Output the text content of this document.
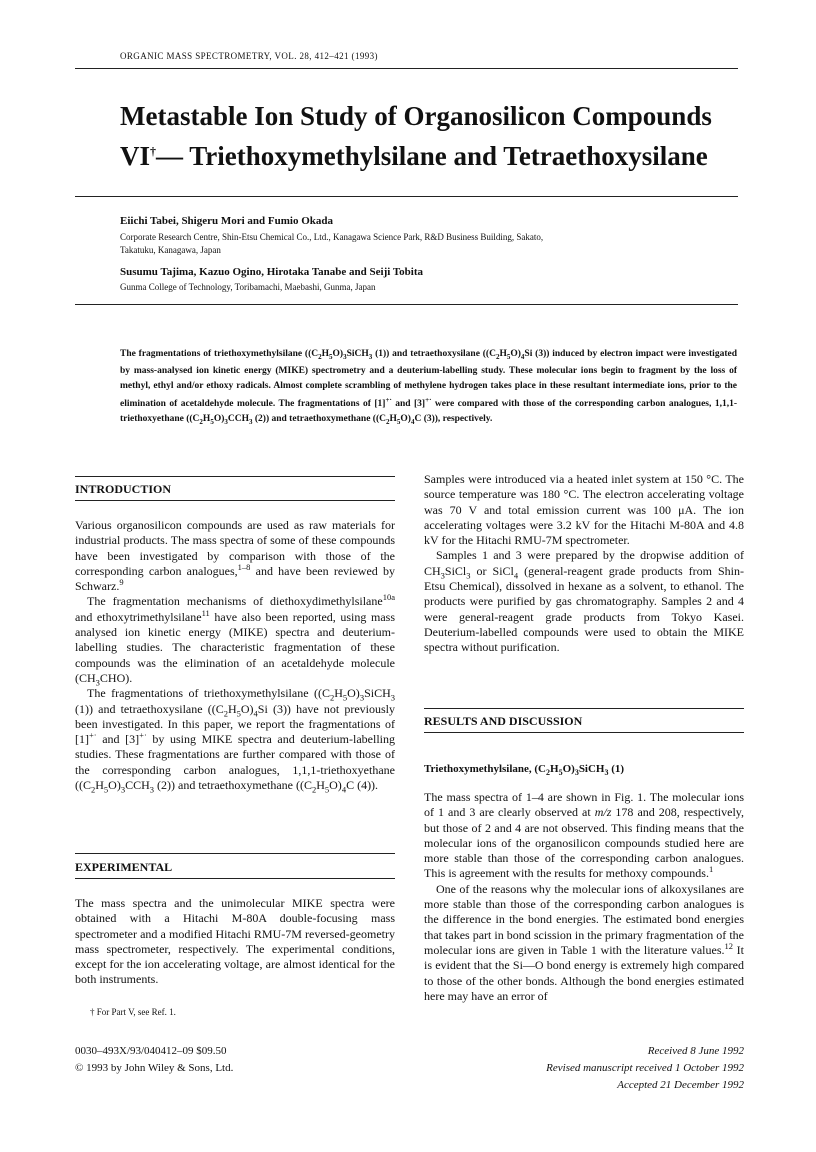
ORGANIC MASS SPECTROMETRY, VOL. 28, 412–421 (1993)
Metastable Ion Study of Organosilicon Compounds
VI†— Triethoxymethylsilane and Tetraethoxysilane
Eiichi Tabei, Shigeru Mori and Fumio Okada
Corporate Research Centre, Shin-Etsu Chemical Co., Ltd., Kanagawa Science Park, R&D Business Building, Sakato,
Takatuku, Kanagawa, Japan
Susumu Tajima, Kazuo Ogino, Hirotaka Tanabe and Seiji Tobita
Gunma College of Technology, Toribamachi, Maebashi, Gunma, Japan
The fragmentations of triethoxymethylsilane ($(C_2H_5O)_3SiCH_3$ (1)) and tetraethoxysilane ($(C_2H_5O)_4Si$ (3)) induced by electron impact were investigated by mass-analysed ion kinetic energy (MIKE) spectrometry and a deuterium-labelling study. These molecular ions begin to fragment by the loss of methyl, ethyl and/or ethoxy radicals. Almost complete scrambling of methylene hydrogen takes place in these resultant intermediate ions, prior to the elimination of acetaldehyde molecule. The fragmentations of [1]+· and [3]+· were compared with those of the corresponding carbon analogues, 1,1,1-triethoxyethane ($(C_2H_5O)_3CCH_3$ (2)) and tetraethoxymethane ($(C_2H_5O)_4C$ (3)), respectively.
INTRODUCTION

Various organosilicon compounds are used as raw materials for industrial products. The mass spectra of some of these compounds have been investigated by comparison with those of the corresponding carbon analogues,$^{1-8}$ and have been reviewed by Schwarz.$^9$

The fragmentation mechanisms of diethoxydimethylsilane$^{10a}$ and ethoxytrimethylsilane$^{11}$ have also been reported, using mass analysed ion kinetic energy (MIKE) spectra and deuterium-labelling studies. The characteristic fragmentation of these compounds was the elimination of an acetaldehyde molecule $(CH_3CHO)$.

The fragmentations of triethoxymethylsilane ($(C_2H_5O)_3SiCH_3$ (1)) and tetraethoxysilane ($(C_2H_5O)_4Si$ (3)) have not previously been investigated. In this paper, we report the fragmentations of [1]+· and [3]+· by using MIKE spectra and deuterium-labelling studies. These fragmentations are further compared with those of the corresponding carbon analogues, 1,1,1-triethoxyethane ($(C_2H_5O)_3CCH_3$ (2)) and tetraethoxymethane ($(C_2H_5O)_4C$ (4)).

EXPERIMENTAL

The mass spectra and the unimolecular MIKE spectra were obtained with a Hitachi M-80A double-focusing mass spectrometer and a modified Hitachi RMU-7M reversed-geometry mass spectrometer, respectively. The experimental conditions, except for the ion accelerating voltage, are almost identical for the both instruments.

Samples were introduced via a heated inlet system at 150 °C. The source temperature was 180 °C. The electron accelerating voltage was 70 V and total emission current was 100 μA. The ion accelerating voltages were 3.2 kV for the Hitachi M-80A and 4.8 kV for the Hitachi RMU-7M spectrometer.

Samples 1 and 3 were prepared by the dropwise addition of $CH_3SiCl_3$ or SiCl$_4$ (general-reagent grade products from Shin-Etsu Chemical), dissolved in hexane as a solvent, to ethanol. The products were purified by gas chromatography. Samples 2 and 4 were general-reagent grade products from Tokyo Kasei. Deuterium-labelled compounds were used to obtain the MIKE spectra without purification.

RESULTS AND DISCUSSION
Triethoxymethylsilane, $(C_2H_5O)_3SiCH_3$ (1)

The mass spectra of 1–4 are shown in Fig. 1. The molecular ions of 1 and 3 are clearly observed at m/z 178 and 208, respectively, but those of 2 and 4 are not observed. This finding means that the molecular ions of the organosilicon compounds studied here are more stable than those of the corresponding carbon analogues. This is agreement with the results for methoxy compounds.$^1$

One of the reasons why the molecular ions of alkoxysilanes are more stable than those of the corresponding carbon analogues is the difference in the bond energies. The estimated bond energies that takes part in bond scission in the primary fragmentation of the molecular ions are given in Table 1 with the literature values.$^{12}$ It is evident that the Si—O bond energy is extremely high compared to those of the other bonds. Although the bond energies estimated here may have an error of

† For Part V, see Ref. 1.
0030–493X/93/040412–09 $09.50
© 1993 by John Wiley & Sons, Ltd.
Received 8 June 1992
Revised manuscript received 1 October 1992
Accepted 21 December 1992
